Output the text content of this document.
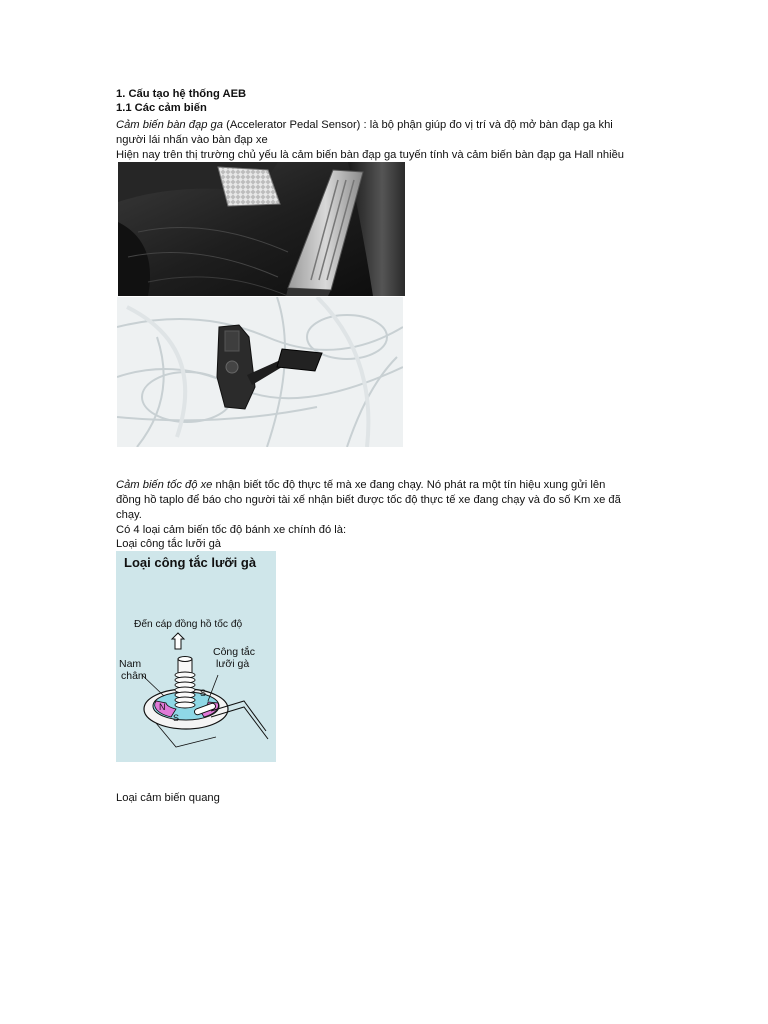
1. Cấu tạo hệ thống AEB
1.1 Các cảm biến
Cảm biến bàn đạp ga (Accelerator Pedal Sensor) : là bộ phận giúp đo vị trí và độ mở bàn đạp ga khi
người lái nhấn vào bàn đạp xe
Hiện nay trên thị trường chủ yếu là cảm biến bàn đạp ga tuyến tính và cảm biến bàn đạp ga Hall nhiều
Cảm biến tốc độ xe nhận biết tốc độ thực tế mà xe đang chạy. Nó phát ra một tín hiệu xung gửi lên
đồng hồ taplo để báo cho người tài xế nhận biết được tốc độ thực tế xe đang chạy và đo số Km xe đã
chạy.
Có 4 loại cảm biến tốc độ bánh xe chính đó là:
Loại công tắc lưỡi gà
Loại công tắc lưỡi gà
Đến cáp đồng hồ tốc độ
Công tắc lưỡi gà
Nam châm
N
S
S
Loại cảm biến quang
